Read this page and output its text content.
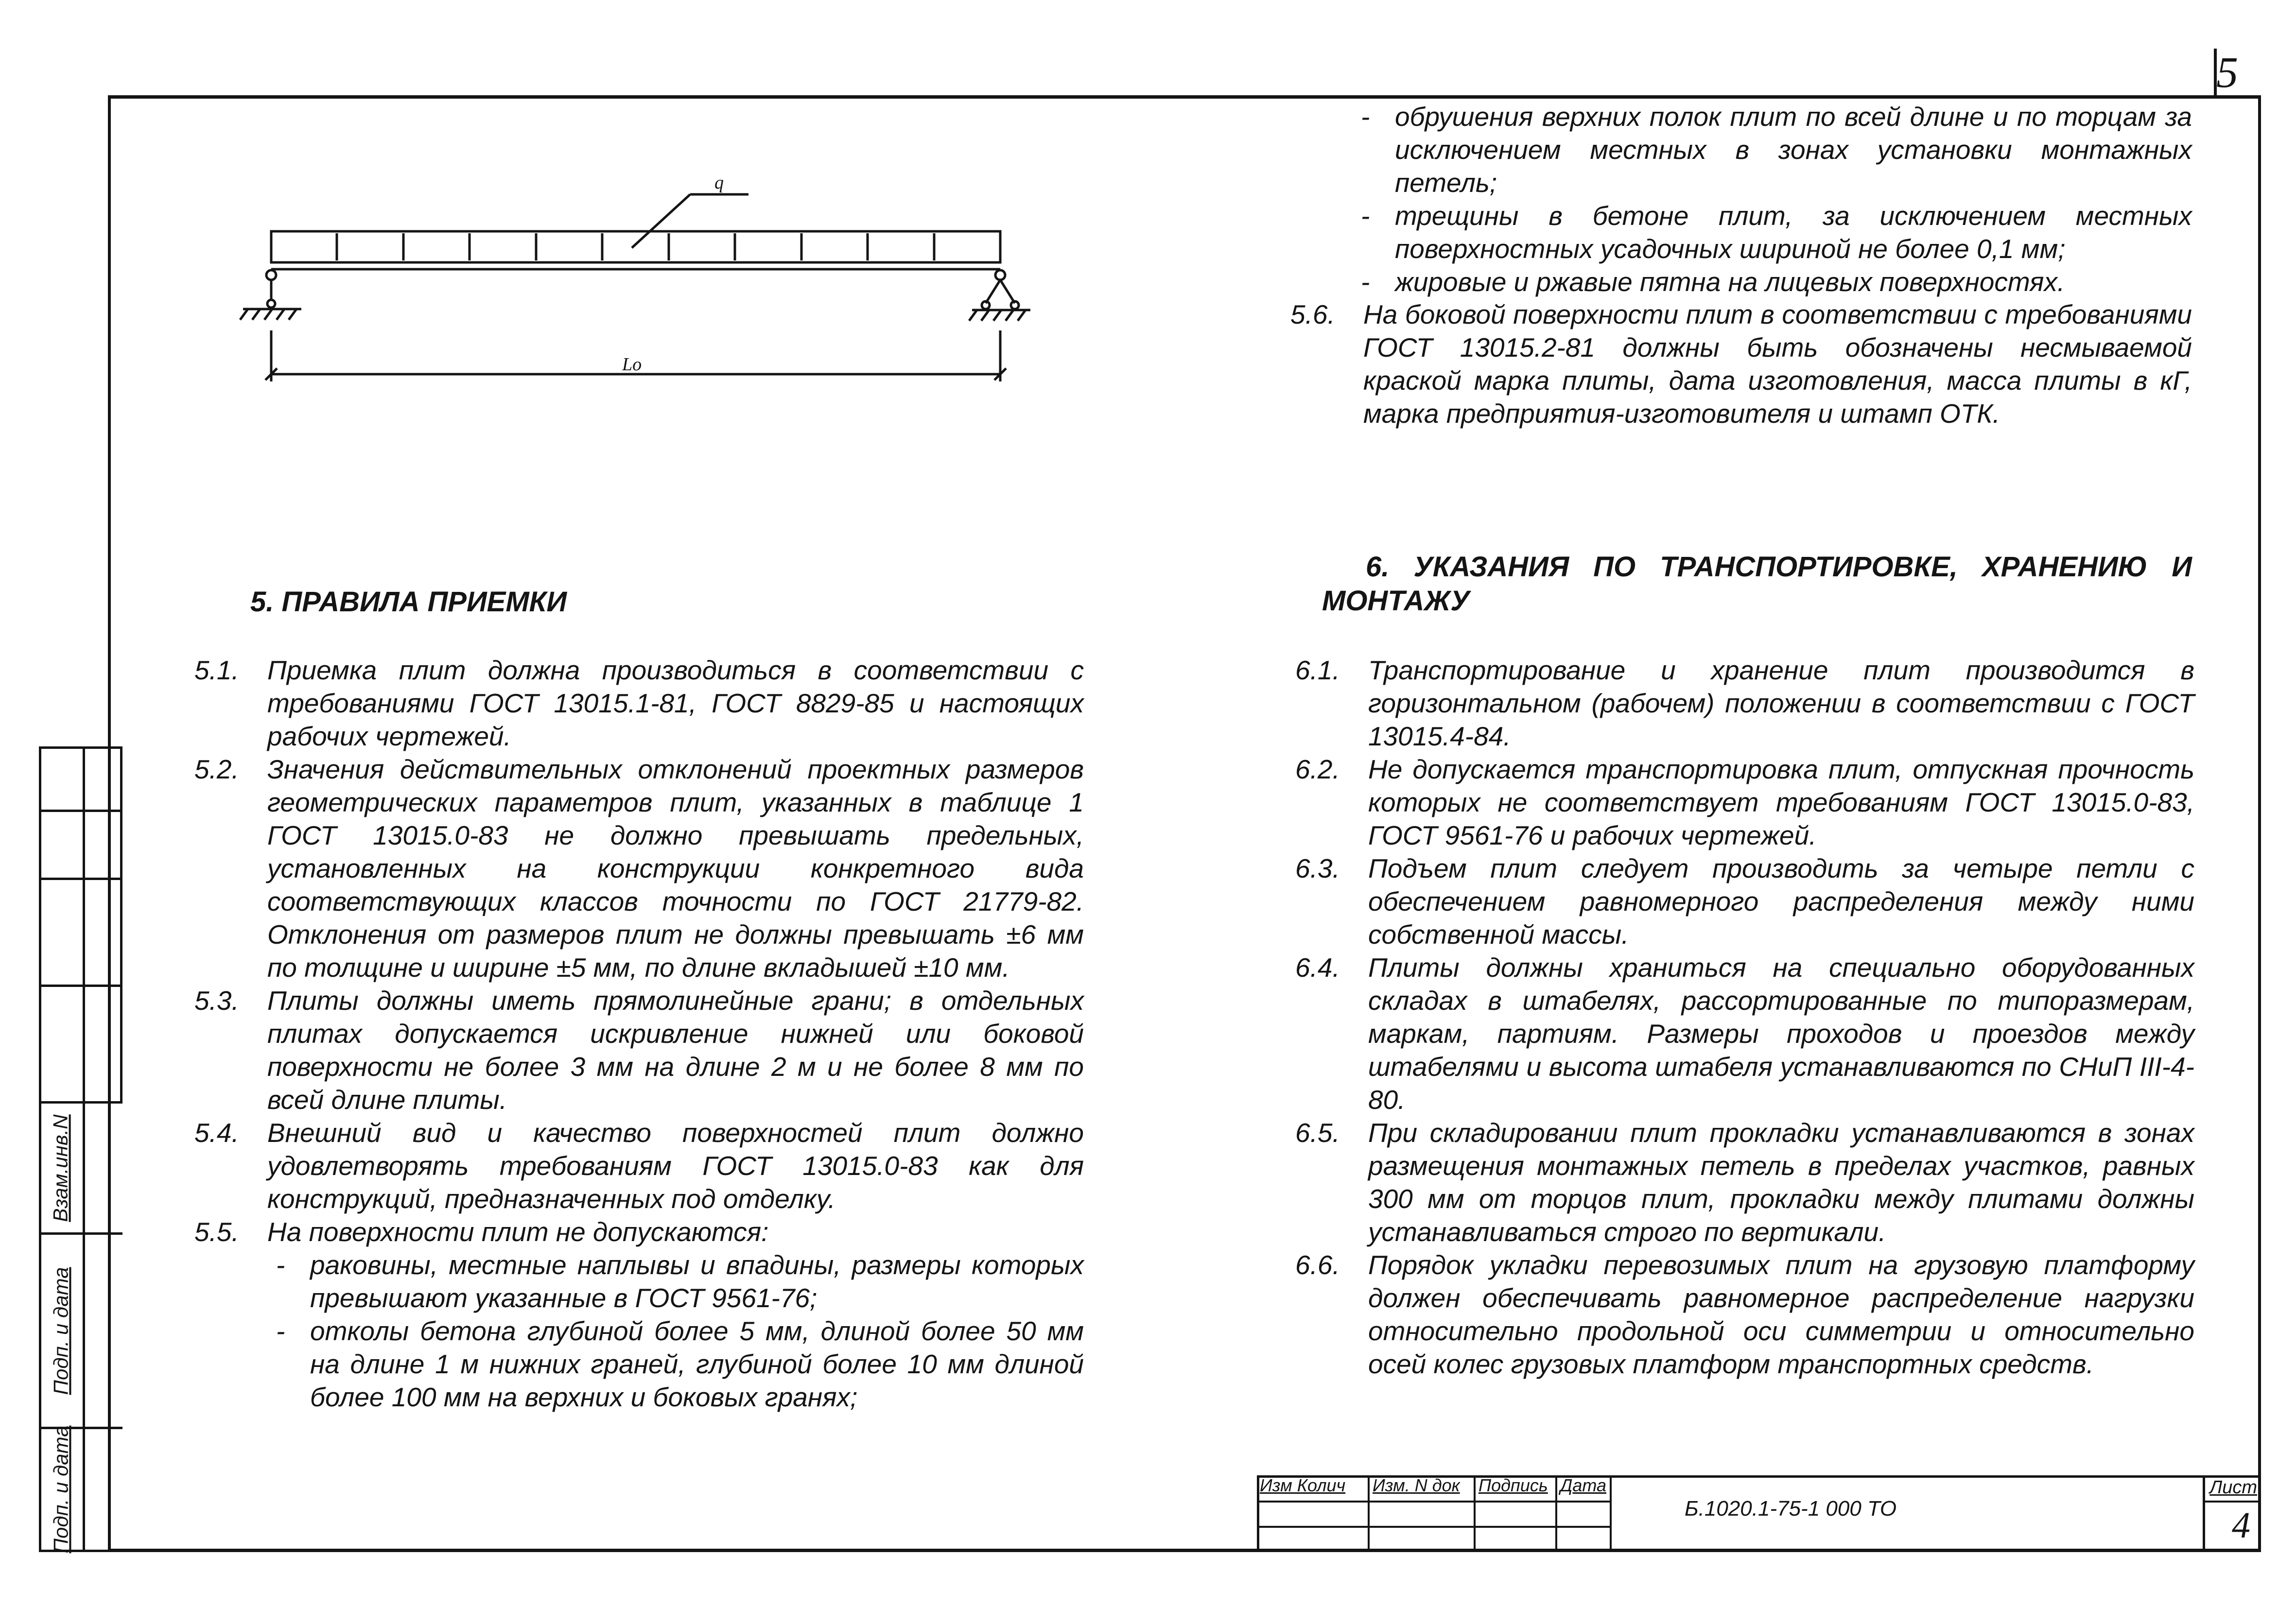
5
q
Lo
5. ПРАВИЛА ПРИЕМКИ
5.1.	Приемка плит должна производиться в соответствии с требованиями ГОСТ 13015.1-81, ГОСТ 8829-85 и настоящих рабочих чертежей.
5.2.	Значения действительных отклонений проектных размеров геометрических параметров плит, указанных в таблице 1 ГОСТ 13015.0-83 не должно превышать предельных, установленных на конструкции конкретного вида соответствующих классов точности по ГОСТ 21779-82. Отклонения от размеров плит не должны превышать ±6 мм по толщине и ширине ±5 мм, по длине вкладышей ±10 мм.
5.3.	Плиты должны иметь прямолинейные грани; в отдельных плитах допускается искривление нижней или боковой поверхности не более 3 мм на длине 2 м и не более 8 мм по всей длине плиты.
5.4.	Внешний вид и качество поверхностей плит должно удовлетворять требованиям ГОСТ 13015.0-83 как для конструкций, предназначенных под отделку.
5.5.	На поверхности плит не допускаются:
- раковины, местные наплывы и впадины, размеры которых превышают указанные в ГОСТ 9561-76;
- отколы бетона глубиной более 5 мм, длиной более 50 мм на длине 1 м нижних граней, глубиной более 10 мм длиной более 100 мм на верхних и боковых гранях;
- обрушения верхних полок плит по всей длине и по торцам за исключением местных в зонах установки монтажных петель;
- трещины в бетоне плит, за исключением местных поверхностных усадочных шириной не более 0,1 мм;
- жировые и ржавые пятна на лицевых поверхностях.
5.6.	На боковой поверхности плит в соответствии с требованиями ГОСТ 13015.2-81 должны быть обозначены несмываемой краской марка плиты, дата изготовления, масса плиты в кГ, марка предприятия-изготовителя и штамп ОТК.
6. УКАЗАНИЯ ПО ТРАНСПОРТИРОВКЕ, ХРАНЕНИЮ И МОНТАЖУ
6.1.	Транспортирование и хранение плит производится в горизонтальном (рабочем) положении в соответствии с ГОСТ 13015.4-84.
6.2.	Не допускается транспортировка плит, отпускная прочность которых не соответствует требованиям ГОСТ 13015.0-83, ГОСТ 9561-76 и рабочих чертежей.
6.3.	Подъем плит следует производить за четыре петли с обеспечением равномерного распределения между ними собственной массы.
6.4.	Плиты должны храниться на специально оборудованных складах в штабелях, рассортированные по типоразмерам, маркам, партиям. Размеры проходов и проездов между штабелями и высота штабеля устанавливаются по СНиП III-4-80.
6.5.	При складировании плит прокладки устанавливаются в зонах размещения монтажных петель в пределах участков, равных 300 мм от торцов плит, прокладки между плитами должны устанавливаться строго по вертикали.
6.6.	Порядок укладки перевозимых плит на грузовую платформу должен обеспечивать равномерное распределение нагрузки относительно продольной оси симметрии и относительно осей колес грузовых платформ транспортных средств.
Взам.инв.N
Подп. и дата
Подп. и дата	Изм Колич	Изм. N док	Подпись Дата
Б.1020.1-75-1 000 ТО
Лист
4
